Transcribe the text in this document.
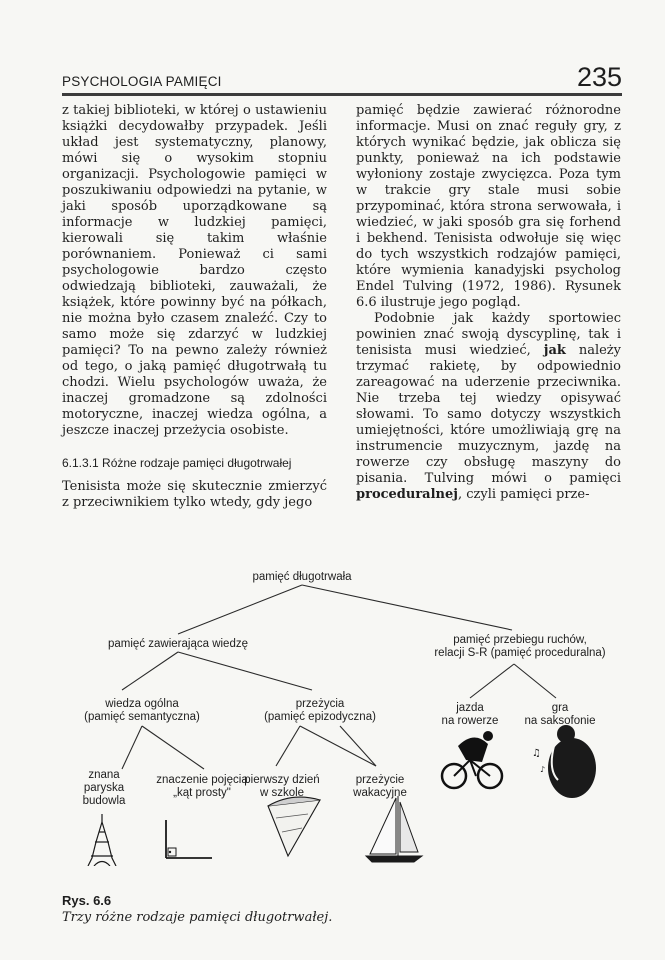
PSYCHOLOGIA PAMIĘCI	235

z takiej biblioteki, w której o ustawieniu książki decydowałby przypadek. Jeśli układ jest systematyczny, planowy, mówi się o wysokim stopniu organizacji. Psychologowie pamięci w poszukiwaniu odpowiedzi na pytanie, w jaki sposób uporządkowane są informacje w ludzkiej pamięci, kierowali się takim właśnie porównaniem. Ponieważ ci sami psychologowie bardzo często odwiedzają biblioteki, zauważali, że książek, które powinny być na półkach, nie można było czasem znaleźć. Czy to samo może się zdarzyć w ludzkiej pamięci? To na pewno zależy również od tego, o jaką pamięć długotrwałą tu chodzi. Wielu psychologów uważa, że inaczej gromadzone są zdolności motoryczne, inaczej wiedza ogólna, a jeszcze inaczej przeżycia osobiste.

6.1.3.1 Różne rodzaje pamięci długotrwałej

Tenisista może się skutecznie zmierzyć z przeciwnikiem tylko wtedy, gdy jego

pamięć będzie zawierać różnorodne informacje. Musi on znać reguły gry, z których wynikać będzie, jak oblicza się punkty, ponieważ na ich podstawie wyłoniony zostaje zwycięzca. Poza tym w trakcie gry stale musi sobie przypominać, która strona serwowała, i wiedzieć, w jaki sposób gra się forhend i bekhend. Tenisista odwołuje się więc do tych wszystkich rodzajów pamięci, które wymienia kanadyjski psycholog Endel Tulving (1972, 1986). Rysunek 6.6 ilustruje jego pogląd.

Podobnie jak każdy sportowiec powinien znać swoją dyscyplinę, tak i tenisista musi wiedzieć, jak należy trzymać rakietę, by odpowiednio zareagować na uderzenie przeciwnika. Nie trzeba tej wiedzy opisywać słowami. To samo dotyczy wszystkich umiejętności, które umożliwiają grę na instrumencie muzycznym, jazdę na rowerze czy obsługę maszyny do pisania. Tulving mówi o pamięci proceduralnej, czyli pamięci prze-

♫
♪
pamięć długotrwała
pamięć zawierająca wiedzę	pamięć przebiegu ruchów,
relacji S-R (pamięć proceduralna)
wiedza ogólna
(pamięć semantyczna)
przeżycia
(pamięć epizodyczna)
jazda
na rowerze
gra
na saksofonie
znana
paryska
budowla
znaczenie pojęcia
„kąt prosty"
pierwszy dzień
w szkole
przeżycie
wakacyjne
Rys. 6.6
Trzy różne rodzaje pamięci długotrwałej.
